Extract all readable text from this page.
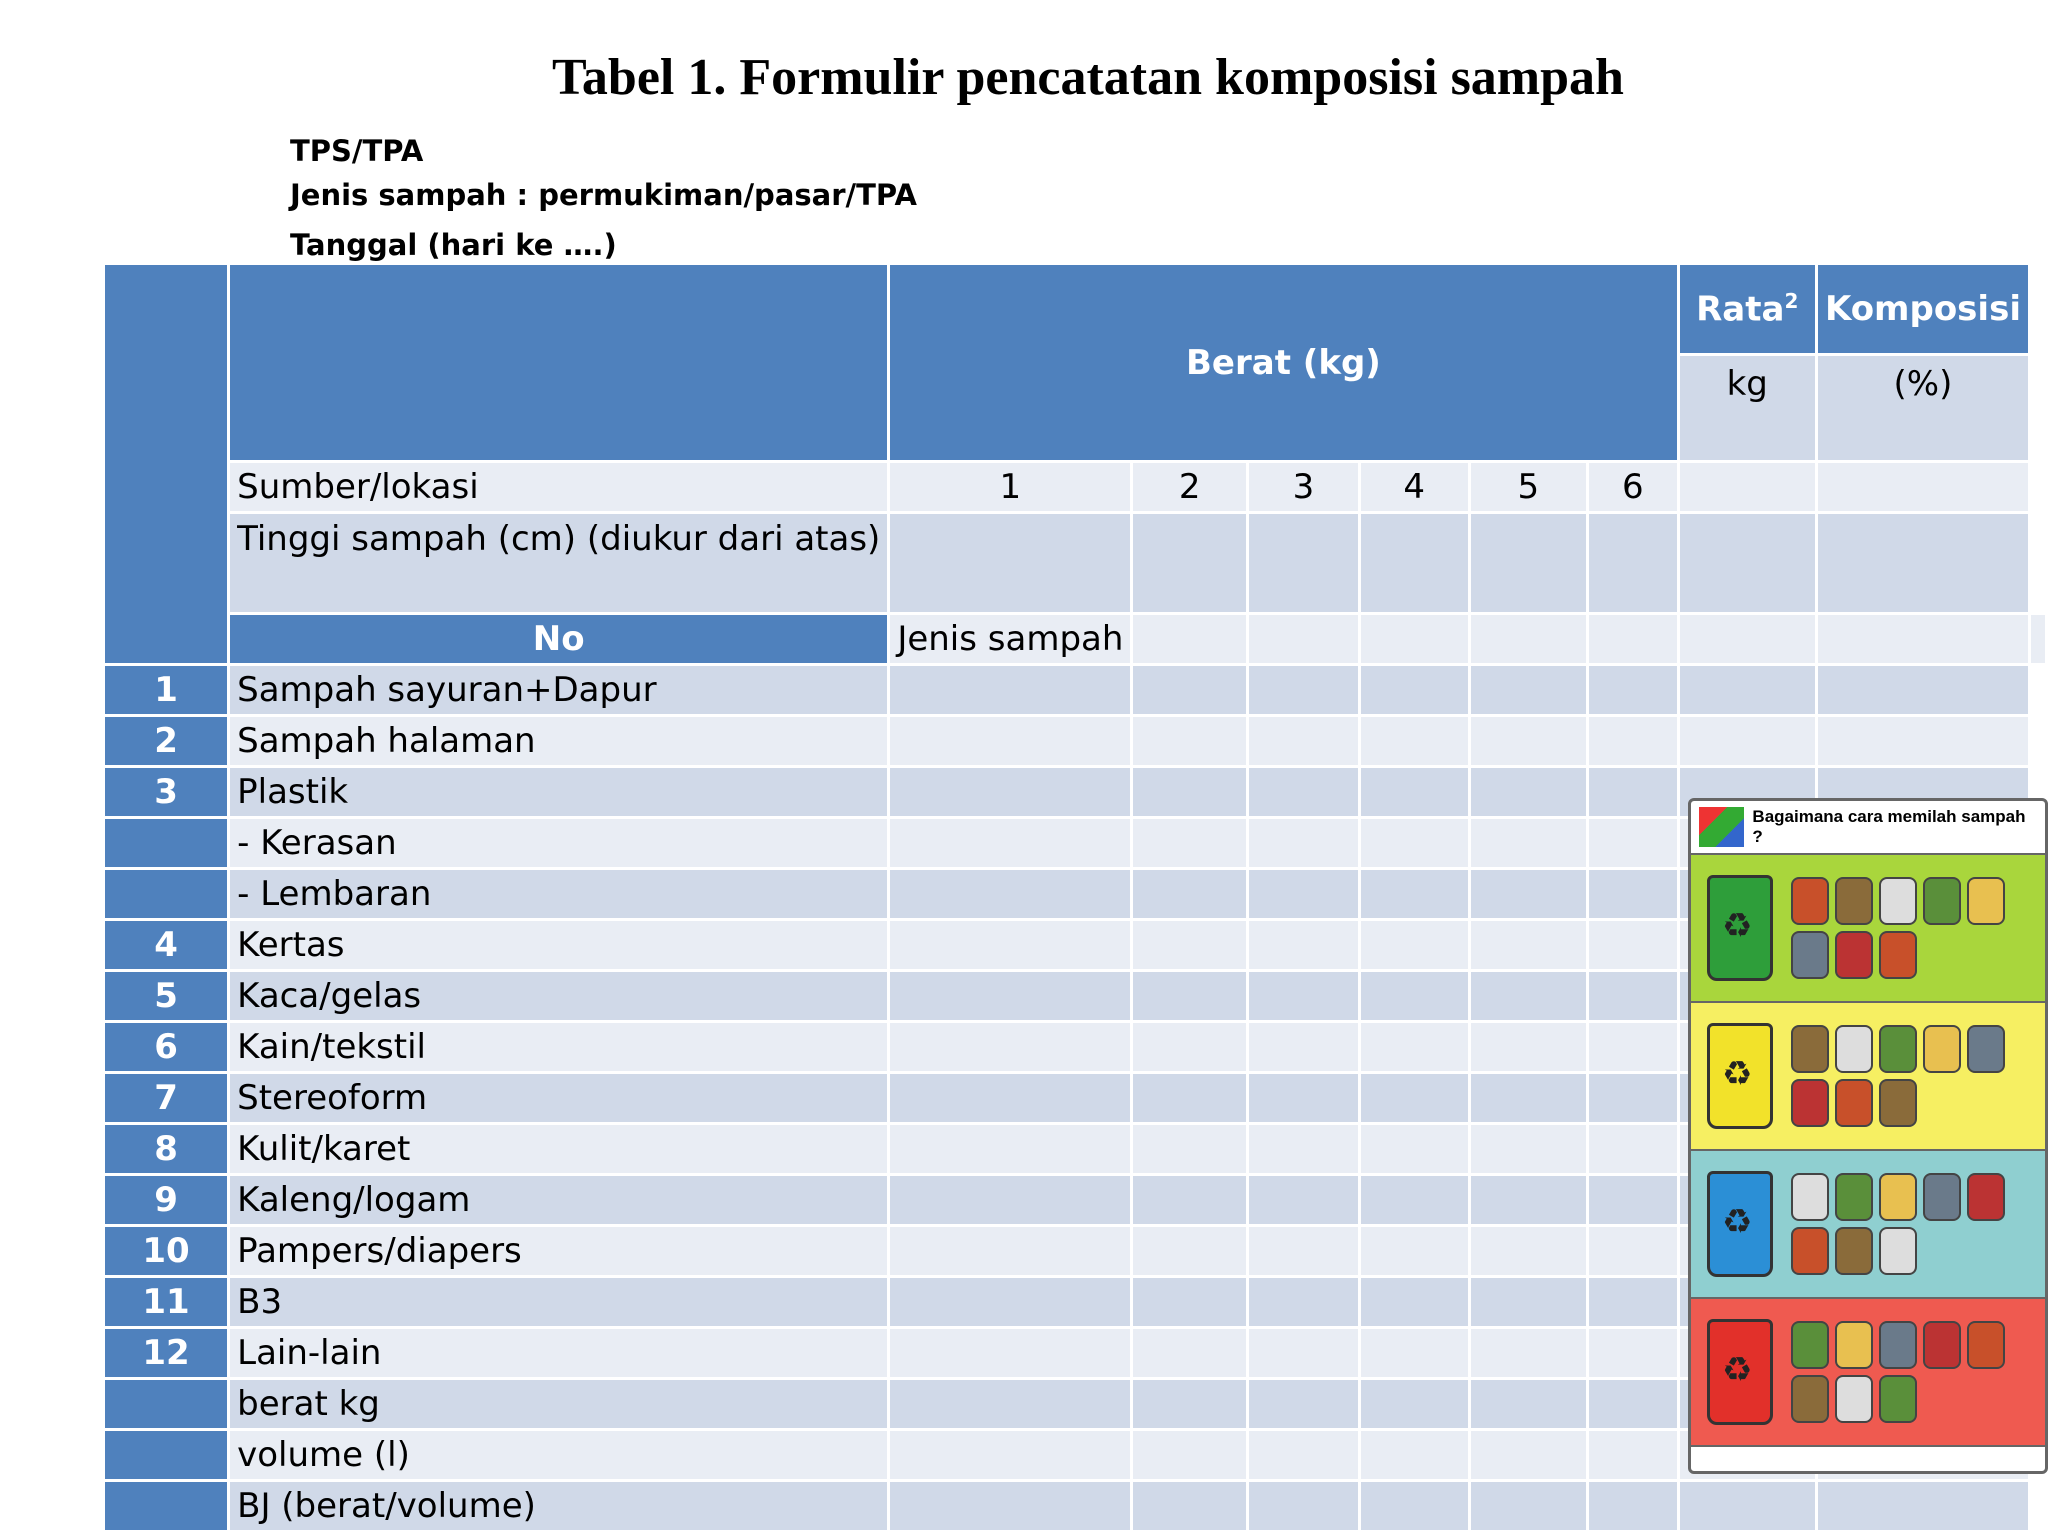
Tabel 1. Formulir pencatatan komposisi sampah
TPS/TPA
Jenis sampah : permukiman/pasar/TPA
Tanggal (hari ke ….)
		Berat (kg)						Rata$^2$	Komposisi	
								kg	(%)	
	Sumber/lokasi	1	2	3	4	5	6			
	Tinggi sampah (cm) (diukur dari atas)									
	No	Jenis sampah								
1	Sampah sayuran+Dapur									
2	Sampah halaman									
3	Plastik									
	- Kerasan									
	- Lembaran									
4	Kertas									
5	Kaca/gelas									
6	Kain/tekstil									
7	Stereoform									
8	Kulit/karet									
9	Kaleng/logam									
10	Pampers/diapers									
11	B3									
12	Lain-lain									
	berat kg									
	volume (l)									
	BJ (berat/volume)									
Bagaimana cara memilah sampah ?
♻
♻
♻
♻
